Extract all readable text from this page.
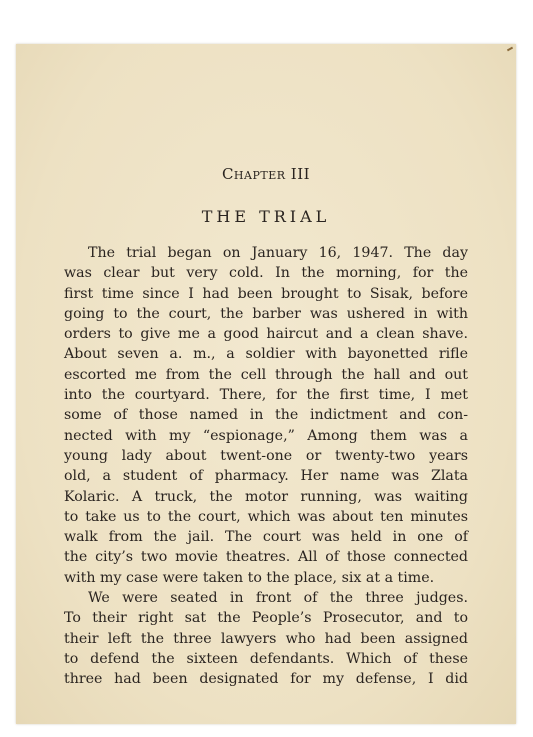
Chapter III
THE TRIAL
The trial began on January 16, 1947. The day
was clear but very cold. In the morning, for the
first time since I had been brought to Sisak, before
going to the court, the barber was ushered in with
orders to give me a good haircut and a clean shave.
About seven a. m., a soldier with bayonetted rifle
escorted me from the cell through the hall and out
into the courtyard. There, for the first time, I met
some of those named in the indictment and con-
nected with my “espionage,” Among them was a
young lady about twent-one or twenty-two years
old, a student of pharmacy. Her name was Zlata
Kolaric. A truck, the motor running, was waiting
to take us to the court, which was about ten minutes
walk from the jail. The court was held in one of
the city’s two movie theatres. All of those connected
with my case were taken to the place, six at a time.
We were seated in front of the three judges.
To their right sat the People’s Prosecutor, and to
their left the three lawyers who had been assigned
to defend the sixteen defendants. Which of these
three had been designated for my defense, I did
